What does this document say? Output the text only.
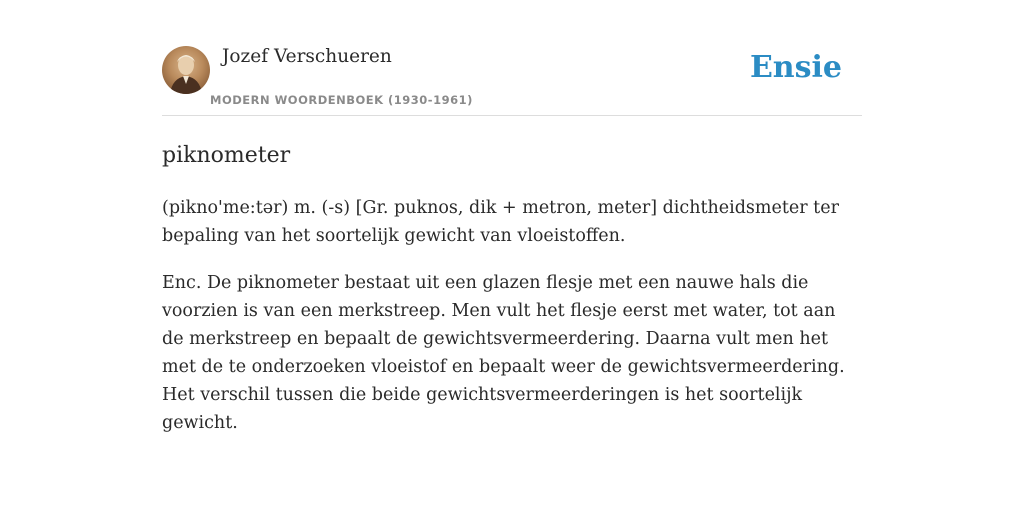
Jozef Verschueren
MODERN WOORDENBOEK (1930-1961)
Ensie
piknometer

(pikno'me:tər) m. (-s) [Gr. puknos, dik + metron, meter] dichtheidsmeter ter bepaling van het soortelijk gewicht van vloeistoffen.

Enc. De piknometer bestaat uit een glazen flesje met een nauwe hals die voorzien is van een merkstreep. Men vult het flesje eerst met water, tot aan de merkstreep en bepaalt de gewichtsvermeerdering. Daarna vult men het met de te onderzoeken vloeistof en bepaalt weer de gewichtsvermeerdering. Het verschil tussen die beide gewichtsvermeerderingen is het soortelijk gewicht.
